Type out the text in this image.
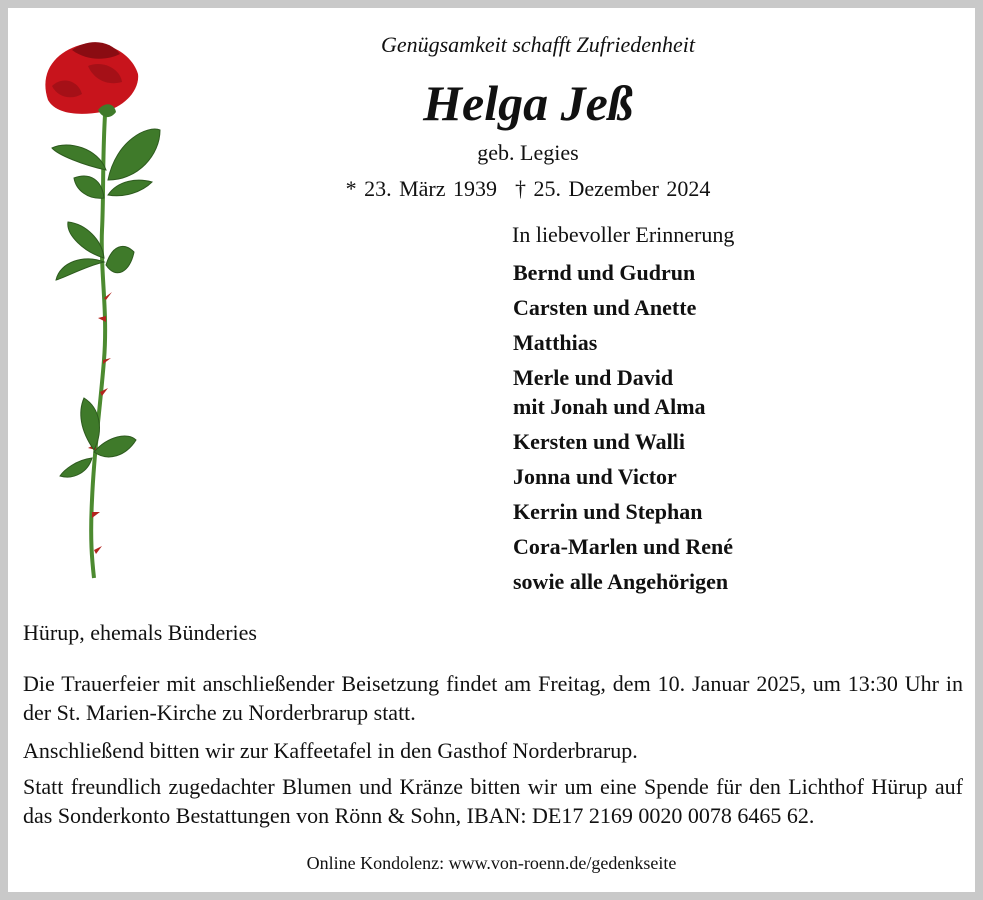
Genügsamkeit schafft Zufriedenheit
Helga Jeß
geb. Legies
* 23. März 1939 † 25. Dezember 2024
In liebevoller Erinnerung
Bernd und Gudrun
Carsten und Anette
Matthias
Merle und David
mit Jonah und Alma
Kersten und Walli
Jonna und Victor
Kerrin und Stephan
Cora-Marlen und René
sowie alle Angehörigen
Hürup, ehemals Bünderies
Die Trauerfeier mit anschließender Beisetzung findet am Freitag, dem 10. Januar 2025, um 13:30 Uhr in der St. Marien-Kirche zu Norderbrarup statt.
Anschließend bitten wir zur Kaffeetafel in den Gasthof Norderbrarup.
Statt freundlich zugedachter Blumen und Kränze bitten wir um eine Spende für den Lichthof Hürup auf das Sonderkonto Bestattungen von Rönn & Sohn, IBAN: DE17 2169 0020 0078 6465 62.
Online Kondolenz: www.von-roenn.de/gedenkseite
